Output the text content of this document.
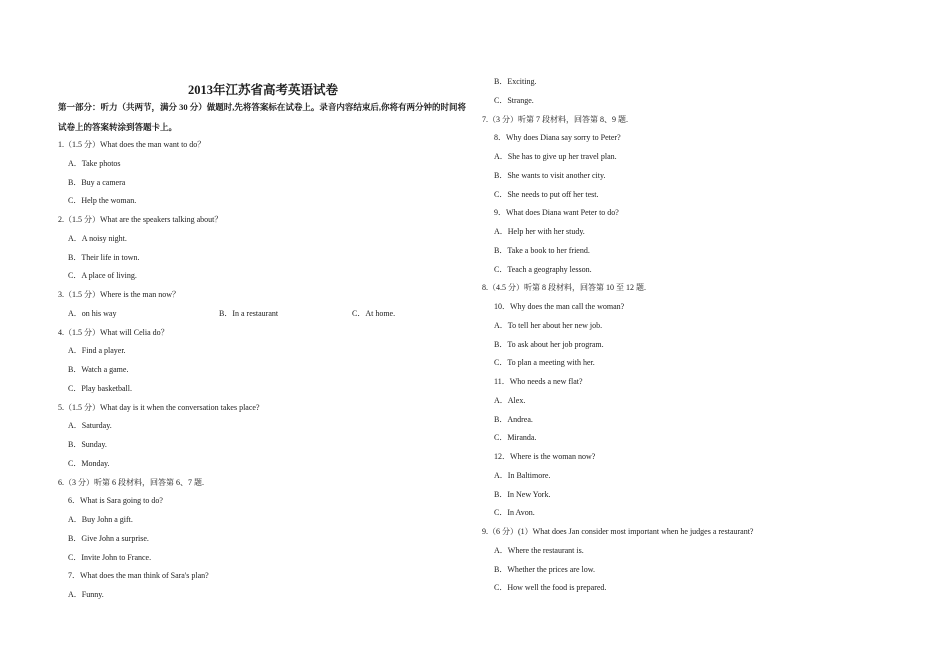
2013年江苏省高考英语试卷
第一部分：听力（共两节，满分 30 分）做题时,先将答案标在试卷上。录音内容结束后,你将有两分钟的时间将
试卷上的答案转涂到答题卡上。
1.（1.5 分）What does the man want to do？
A．Take photos
B．Buy a camera
C．Help the woman.
2.（1.5 分）What are the speakers talking about？
A．A noisy night.
B．Their life in town.
C．A place of living.
3.（1.5 分）Where is the man now？
A．on his way	B．In a restaurant	C．At home.
4.（1.5 分）What will Celia do？
A．Find a player.
B．Watch a game.
C．Play basketball.
5.（1.5 分）What day is it when the conversation takes place?
A．Saturday.
B．Sunday.
C．Monday.
6.（3 分）听第 6 段材料，回答第 6、7 题.
6．What is Sara going to do?
A．Buy John a gift.
B．Give John a surprise.
C．Invite John to France.
7．What does the man think of Sara's plan?
A．Funny.
B．Exciting.
C．Strange.
7.（3 分）听第 7 段材料，回答第 8、9 题.
8．Why does Diana say sorry to Peter?
A．She has to give up her travel plan.
B．She wants to visit another city.
C．She needs to put off her test.
9．What does Diana want Peter to do?
A．Help her with her study.
B．Take a book to her friend.
C．Teach a geography lesson.
8.（4.5 分）听第 8 段材料，回答第 10 至 12 题.
10．Why does the man call the woman?
A．To tell her about her new job.
B．To ask about her job program.
C．To plan a meeting with her.
11．Who needs a new flat?
A．Alex.
B．Andrea.
C．Miranda.
12．Where is the woman now?
A．In Baltimore.
B．In New York.
C．In Avon.
9.（6 分）(1）What does Jan consider most important when he judges a restaurant?
A．Where the restaurant is.
B．Whether the prices are low.
C．How well the food is prepared.
